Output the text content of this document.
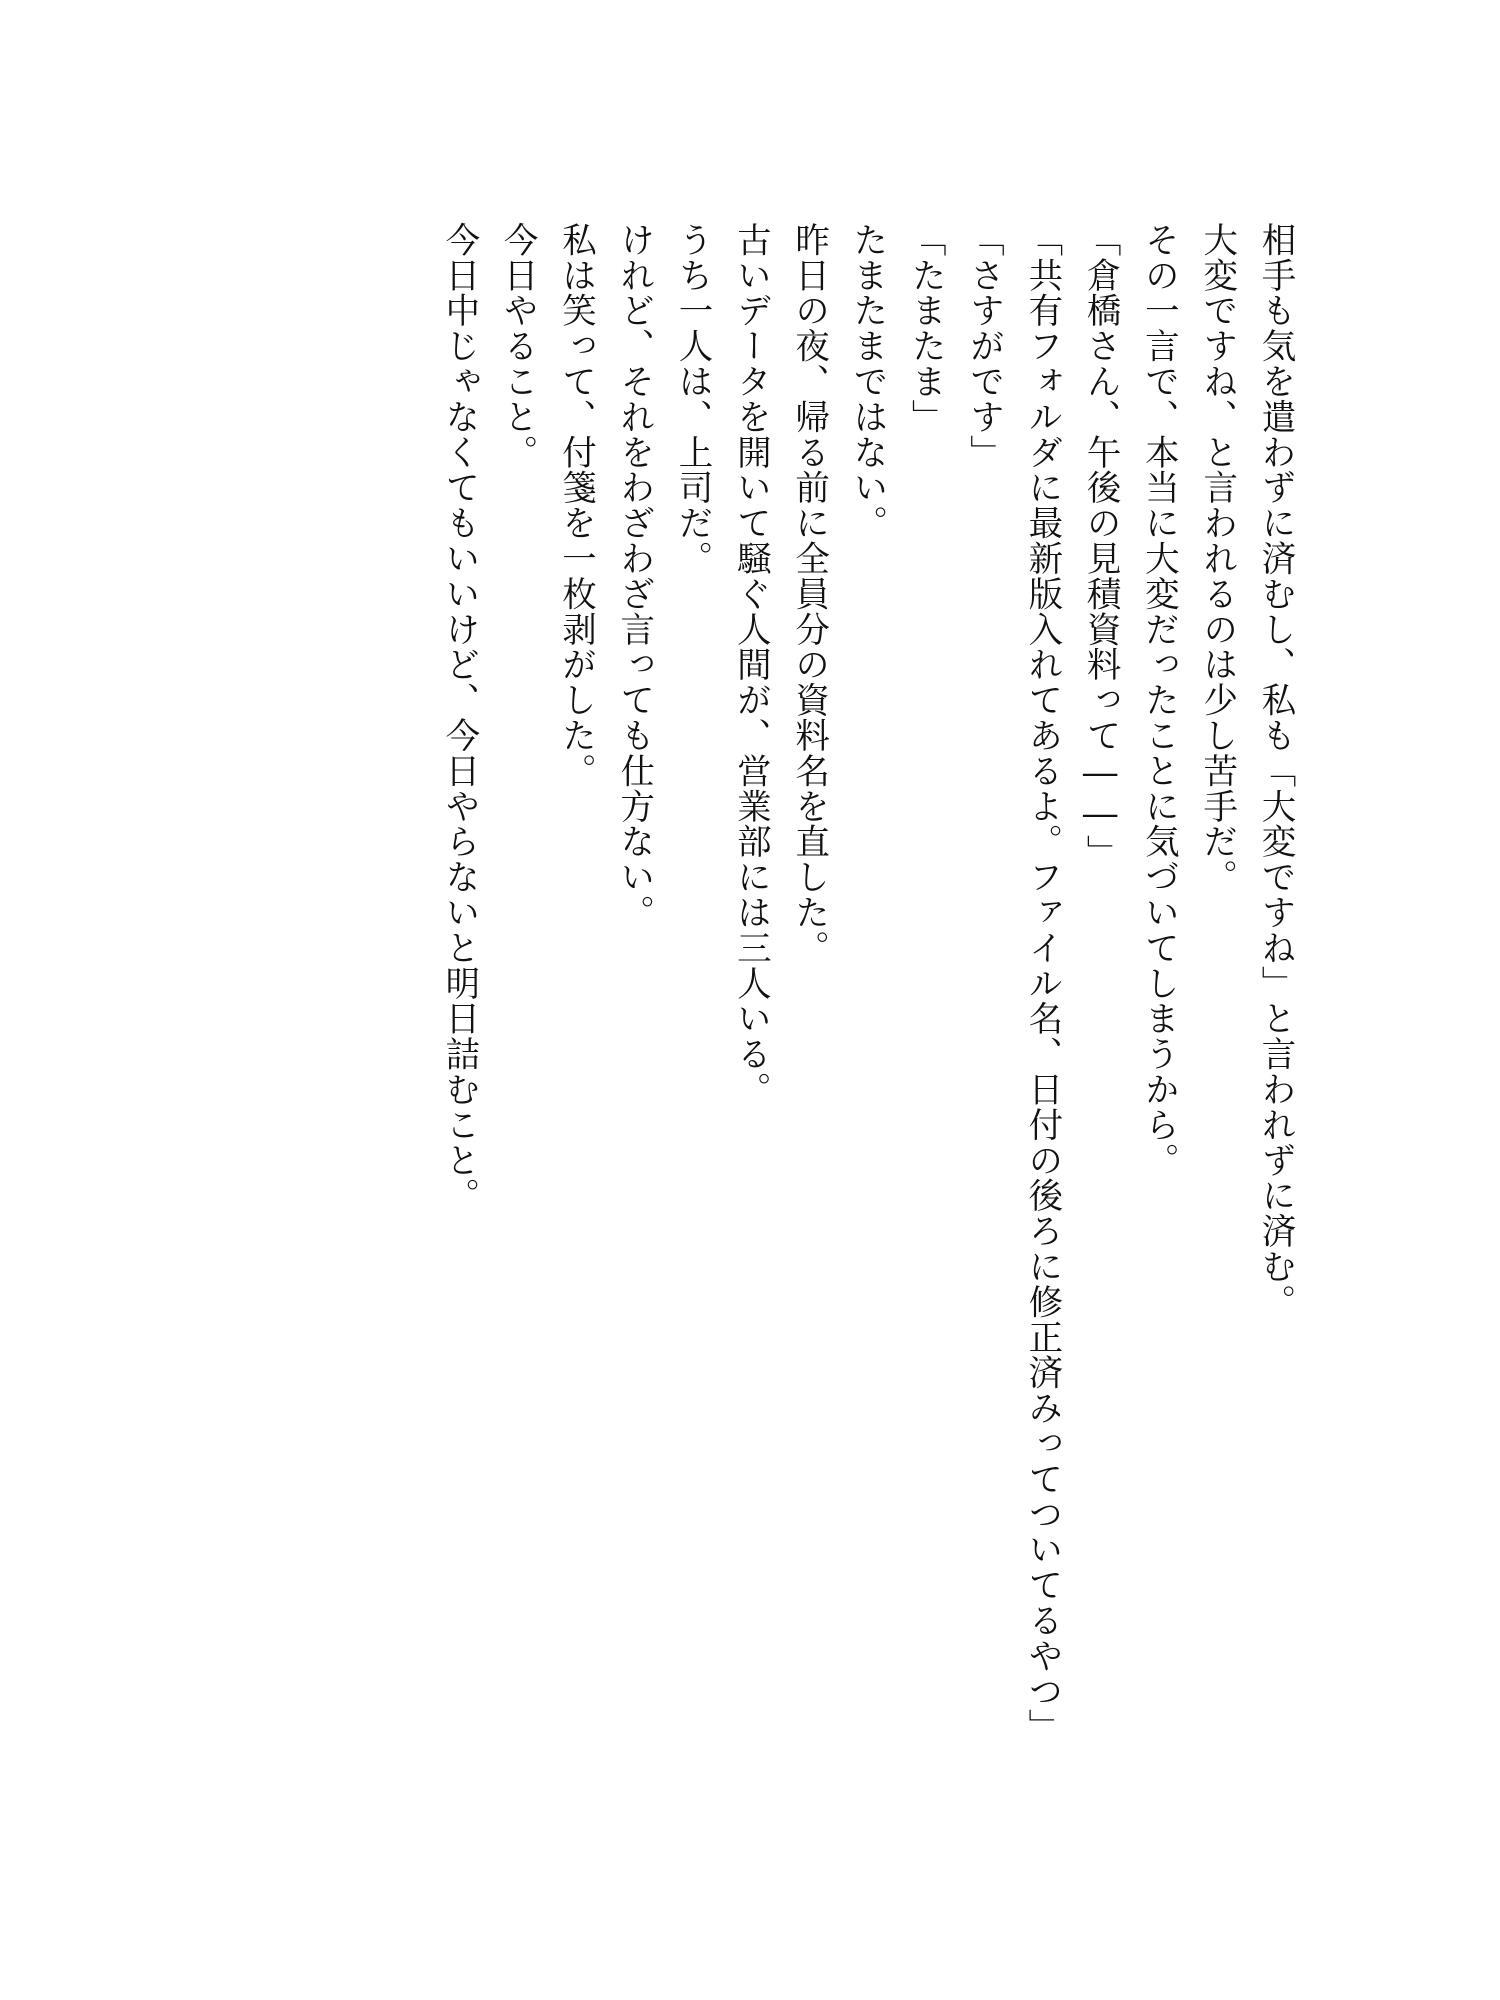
相手も気を遣わずに済むし、私も「大変ですね」と言われずに済む。

大変ですね、と言われるのは少し苦手だ。

その一言で、本当に大変だったことに気づいてしまうから。

「倉橋さん、午後の見積資料って――」

「共有フォルダに最新版入れてあるよ。ファイル名、日付の後ろに修正済みってついてるやつ」

「さすがです」

「たまたま」

たまたまではない。

昨日の夜、帰る前に全員分の資料名を直した。

古いデータを開いて騒ぐ人間が、営業部には三人いる。

うち一人は、上司だ。

けれど、それをわざわざ言っても仕方ない。

私は笑って、付箋を一枚剥がした。

今日やること。

今日中じゃなくてもいいけど、今日やらないと明日詰むこと。
